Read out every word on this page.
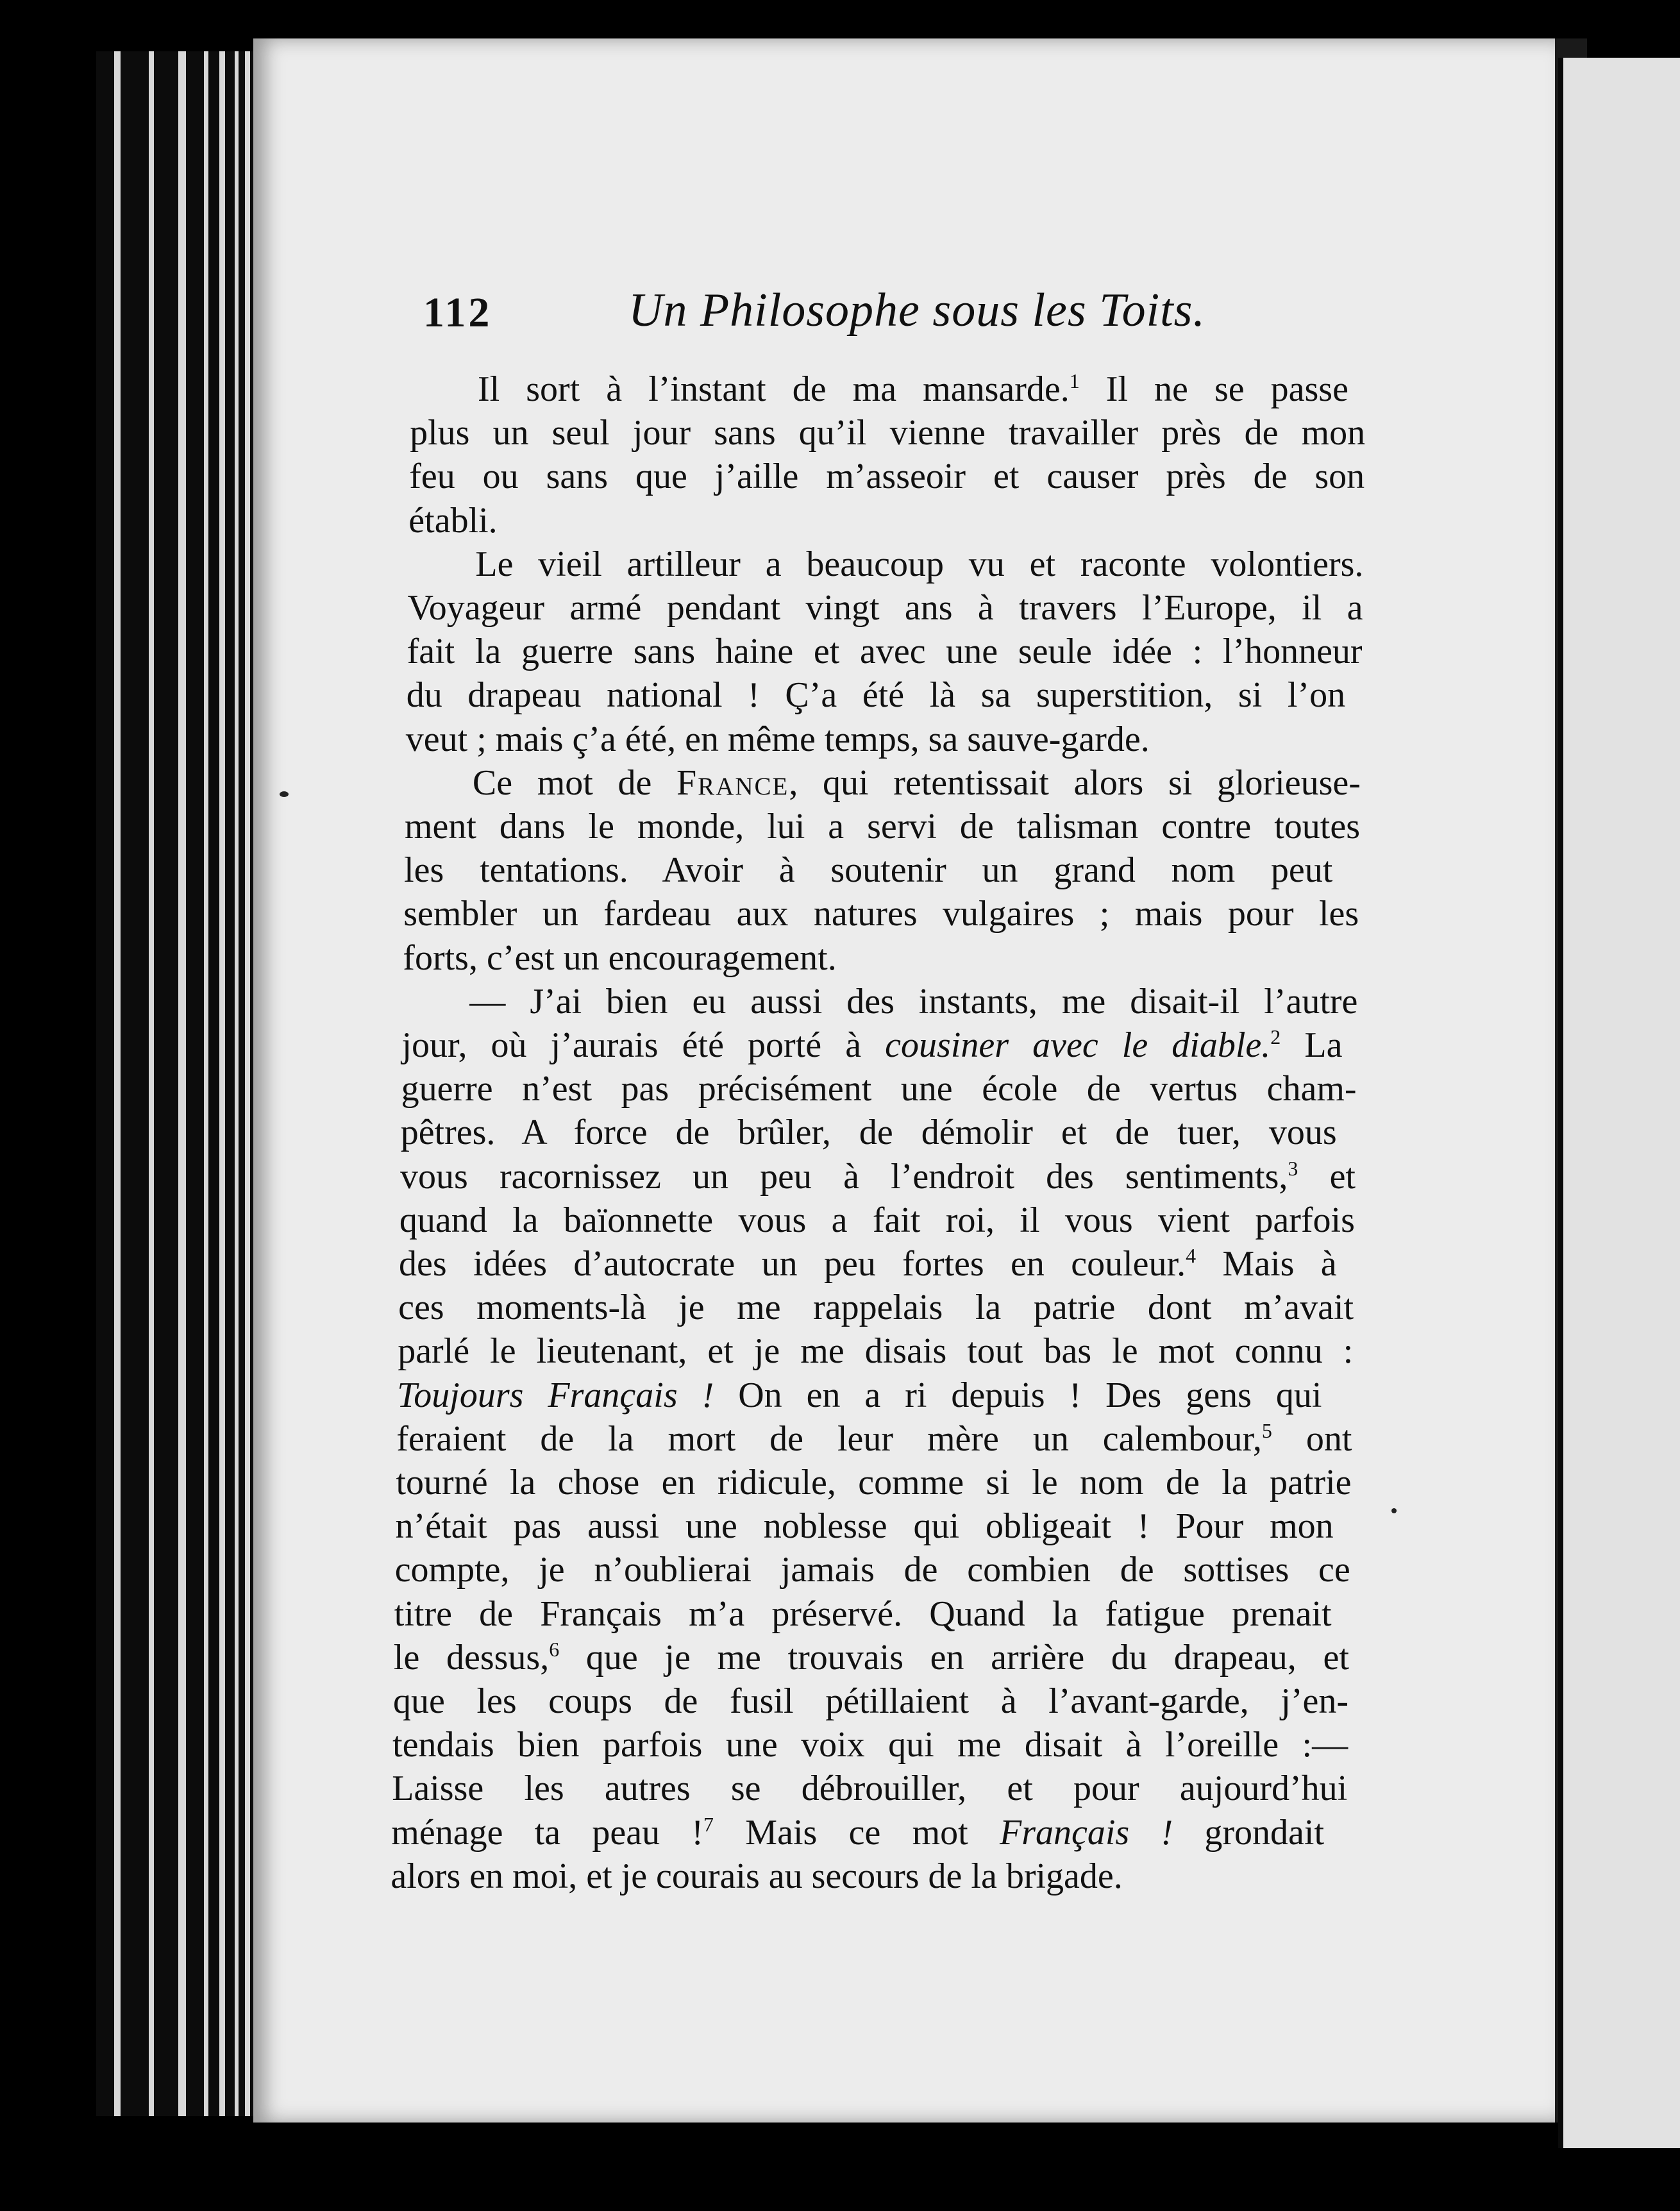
112	Un Philosophe sous les Toits.
Il sort à l’instant de ma mansarde.$^1$ Il ne se passe
plus un seul jour sans qu’il vienne travailler près de mon
feu ou sans que j’aille m’asseoir et causer près de son
établi.
Le vieil artilleur a beaucoup vu et raconte volontiers.
Voyageur armé pendant vingt ans à travers l’Europe, il a
fait la guerre sans haine et avec une seule idée : l’honneur
du drapeau national ! Ç’a été là sa superstition, si l’on
veut ; mais ç’a été, en même temps, sa sauve-garde.
Ce mot de France, qui retentissait alors si glorieuse-
ment dans le monde, lui a servi de talisman contre toutes
les tentations. Avoir à soutenir un grand nom peut
sembler un fardeau aux natures vulgaires ; mais pour les
forts, c’est un encouragement.
— J’ai bien eu aussi des instants, me disait-il l’autre
jour, où j’aurais été porté à cousiner avec le diable.$^2$ La
guerre n’est pas précisément une école de vertus cham-
pêtres. A force de brûler, de démolir et de tuer, vous
vous racornissez un peu à l’endroit des sentiments,$^3$ et
quand la baïonnette vous a fait roi, il vous vient parfois
des idées d’autocrate un peu fortes en couleur.$^4$ Mais à
ces moments-là je me rappelais la patrie dont m’avait
parlé le lieutenant, et je me disais tout bas le mot connu :
Toujours Français ! On en a ri depuis ! Des gens qui
feraient de la mort de leur mère un calembour,$^5$ ont
tourné la chose en ridicule, comme si le nom de la patrie
n’était pas aussi une noblesse qui obligeait ! Pour mon
compte, je n’oublierai jamais de combien de sottises ce
titre de Français m’a préservé. Quand la fatigue prenait
le dessus,$^6$ que je me trouvais en arrière du drapeau, et
que les coups de fusil pétillaient à l’avant-garde, j’en-
tendais bien parfois une voix qui me disait à l’oreille :—
Laisse les autres se débrouiller, et pour aujourd’hui
ménage ta peau !$^7$ Mais ce mot Français ! grondait
alors en moi, et je courais au secours de la brigade.
